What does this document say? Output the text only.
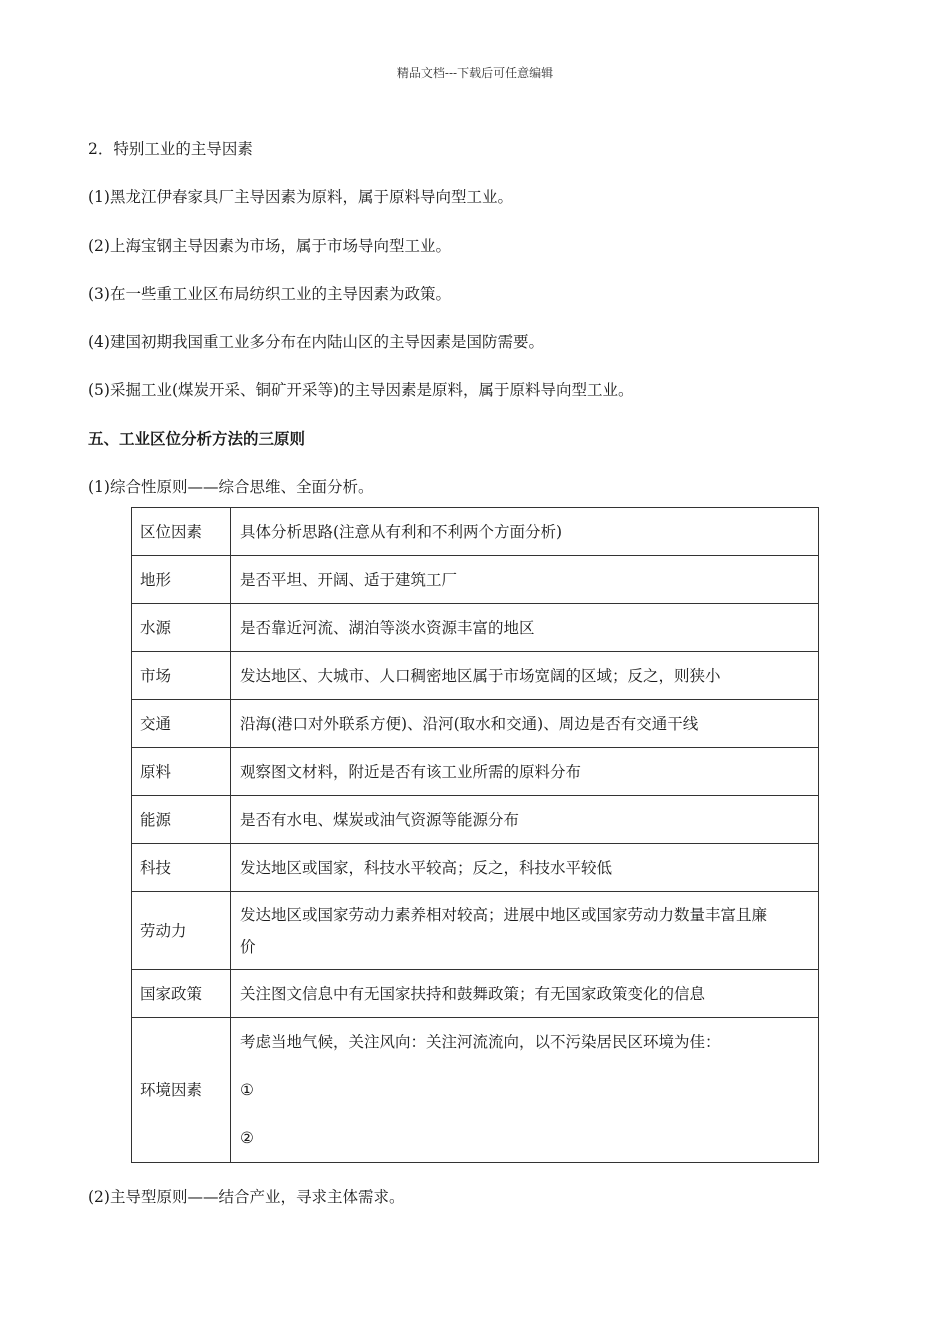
精品文档---下载后可任意编辑
2．特别工业的主导因素
(1)黑龙江伊春家具厂主导因素为原料，属于原料导向型工业。
(2)上海宝钢主导因素为市场，属于市场导向型工业。
(3)在一些重工业区布局纺织工业的主导因素为政策。
(4)建国初期我国重工业多分布在内陆山区的主导因素是国防需要。
(5)采掘工业(煤炭开采、铜矿开采等)的主导因素是原料，属于原料导向型工业。
五、工业区位分析方法的三原则
(1)综合性原则——综合思维、全面分析。
区位因素	具体分析思路(注意从有利和不利两个方面分析)
地形	是否平坦、开阔、适于建筑工厂
水源	是否靠近河流、湖泊等淡水资源丰富的地区
市场	发达地区、大城市、人口稠密地区属于市场宽阔的区域；反之，则狭小
交通	沿海(港口对外联系方便)、沿河(取水和交通)、周边是否有交通干线
原料	观察图文材料，附近是否有该工业所需的原料分布
能源	是否有水电、煤炭或油气资源等能源分布
科技	发达地区或国家，科技水平较高；反之，科技水平较低
劳动力	发达地区或国家劳动力素养相对较高；进展中地区或国家劳动力数量丰富且廉
价

国家政策	关注图文信息中有无国家扶持和鼓舞政策；有无国家政策变化的信息
环境因素	考虑当地气候，关注风向：关注河流流向，以不污染居民区环境为佳：
①
②
(2)主导型原则——结合产业，寻求主体需求。
